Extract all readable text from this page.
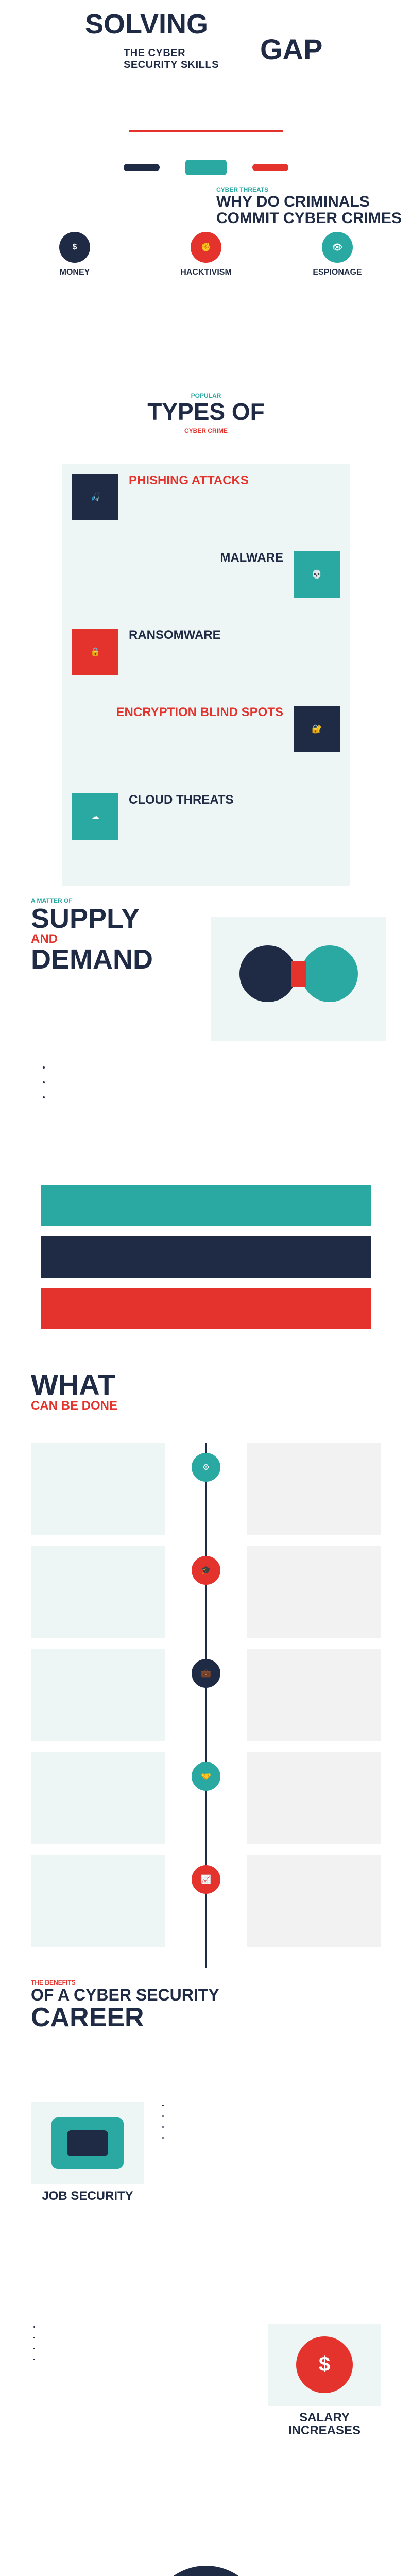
SOLVING
GAP
THE CYBER
SECURITY SKILLS
CYBER THREATS
WHY DO CRIMINALS COMMIT CYBER CRIMES
$
MONEY
✊
HACKTIVISM
👁
ESPIONAGE
POPULAR
TYPES OF
CYBER CRIME
🎣
PHISHING ATTACKS
MALWARE
💀
🔒
RANSOMWARE
ENCRYPTION BLIND SPOTS
🔐
☁
CLOUD THREATS
A MATTER OF
SUPPLY
AND
DEMAND
•
•
•
WHAT
CAN BE DONE
⚙
🎓
💼
🤝
📈
THE BENEFITS
OF A CYBER SECURITY
CAREER
JOB SECURITY
•
•
•
•
•
•
•
•
$
SALARY INCREASES
